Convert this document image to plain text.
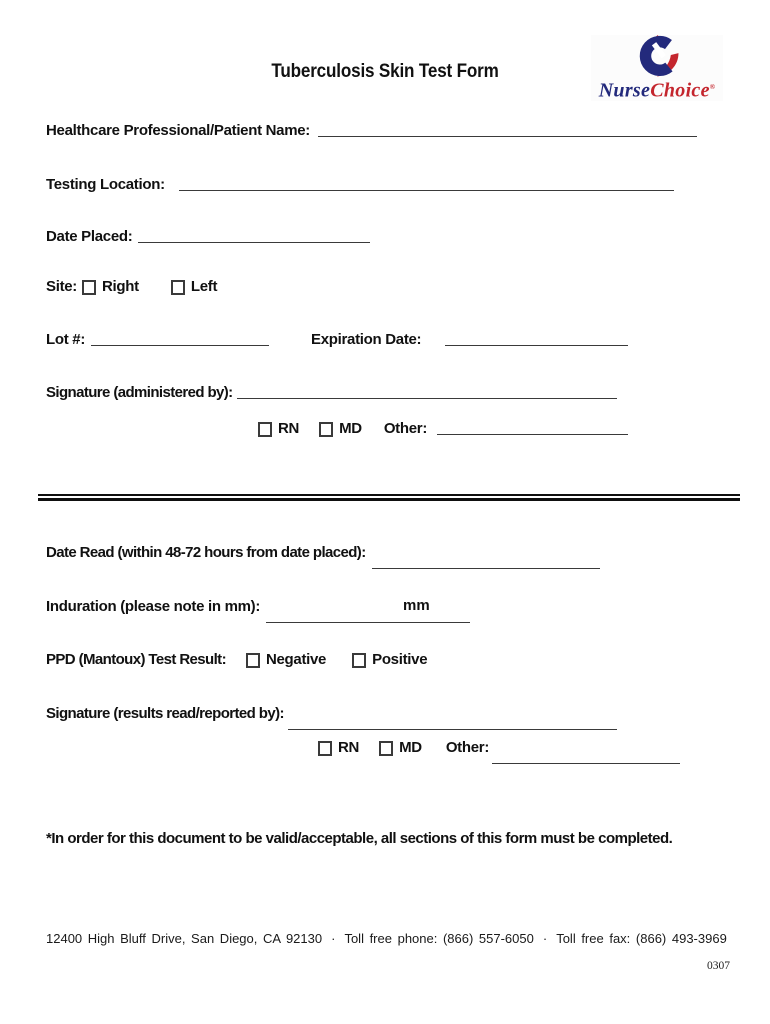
Tuberculosis Skin Test Form
NurseChoice®
Healthcare Professional/Patient Name:
Testing Location:
Date Placed:
Site: Right	Left
Lot #:	Expiration Date:
Signature (administered by):
RN	MD Other:
Date Read (within 48-72 hours from date placed):
Induration (please note in mm):	mm
PPD (Mantoux) Test Result:	Negative	Positive
Signature (results read/reported by):
RN	MD Other:
*In order for this document to be valid/acceptable, all sections of this form must be completed.
12400 High Bluff Drive, San Diego, CA 92130 · Toll free phone: (866) 557-6050 · Toll free fax: (866) 493-3969
0307
